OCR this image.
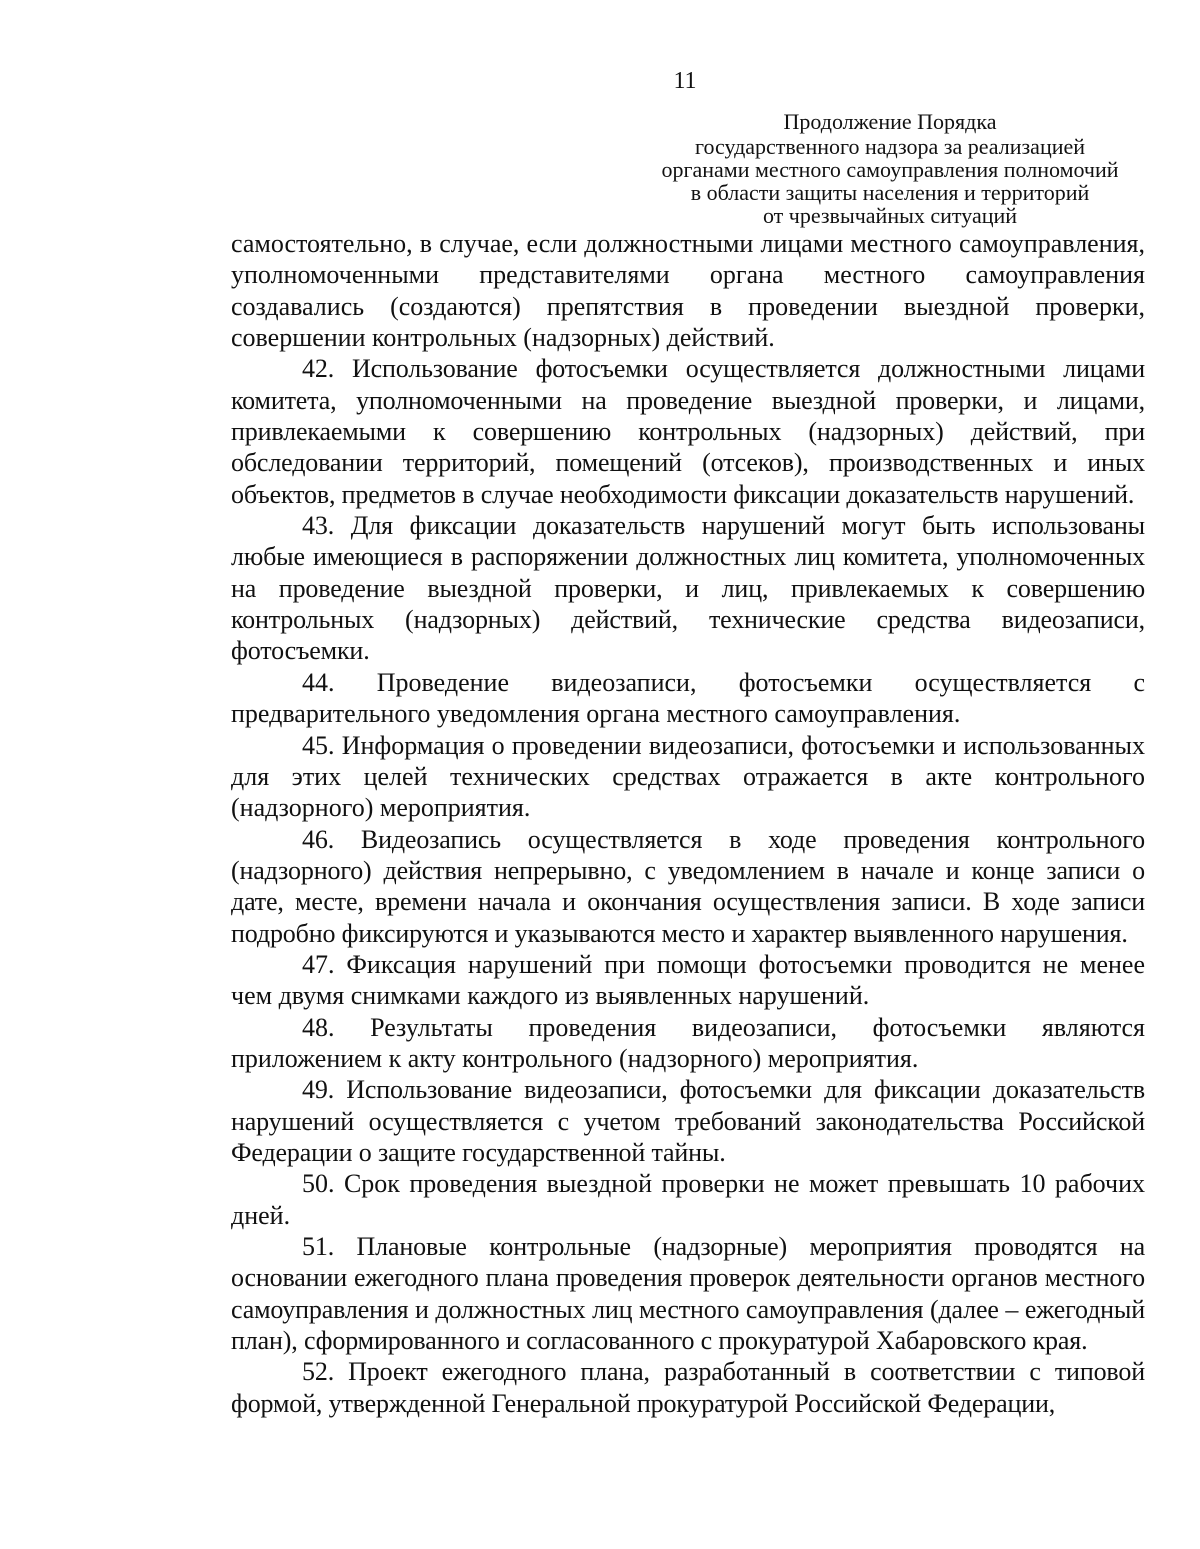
11
Продолжение Порядка
государственного надзора за реализацией
органами местного самоуправления полномочий
в области защиты населения и территорий
от чрезвычайных ситуаций

самостоятельно, в случае, если должностными лицами местного самоуправления, уполномоченными представителями органа местного самоуправления создавались (создаются) препятствия в проведении выездной проверки, совершении контрольных (надзорных) действий.

42. Использование фотосъемки осуществляется должностными лицами комитета, уполномоченными на проведение выездной проверки, и лицами, привлекаемыми к совершению контрольных (надзорных) действий, при обследовании территорий, помещений (отсеков), производственных и иных объектов, предметов в случае необходимости фиксации доказательств нарушений.

43. Для фиксации доказательств нарушений могут быть использованы любые имеющиеся в распоряжении должностных лиц комитета, уполномоченных на проведение выездной проверки, и лиц, привлекаемых к совершению контрольных (надзорных) действий, технические средства видеозаписи, фотосъемки.

44. Проведение видеозаписи, фотосъемки осуществляется с предварительного уведомления органа местного самоуправления.

45. Информация о проведении видеозаписи, фотосъемки и использованных для этих целей технических средствах отражается в акте контрольного (надзорного) мероприятия.

46. Видеозапись осуществляется в ходе проведения контрольного (надзорного) действия непрерывно, с уведомлением в начале и конце записи о дате, месте, времени начала и окончания осуществления записи. В ходе записи подробно фиксируются и указываются место и характер выявленного нарушения.

47. Фиксация нарушений при помощи фотосъемки проводится не менее чем двумя снимками каждого из выявленных нарушений.

48. Результаты проведения видеозаписи, фотосъемки являются приложением к акту контрольного (надзорного) мероприятия.

49. Использование видеозаписи, фотосъемки для фиксации доказательств нарушений осуществляется с учетом требований законодательства Российской Федерации о защите государственной тайны.

50. Срок проведения выездной проверки не может превышать 10 рабочих дней.

51. Плановые контрольные (надзорные) мероприятия проводятся на основании ежегодного плана проведения проверок деятельности органов местного самоуправления и должностных лиц местного самоуправления (далее – ежегодный план), сформированного и согласованного с прокуратурой Хабаровского края.

52. Проект ежегодного плана, разработанный в соответствии с типовой формой, утвержденной Генеральной прокуратурой Российской Федерации,
